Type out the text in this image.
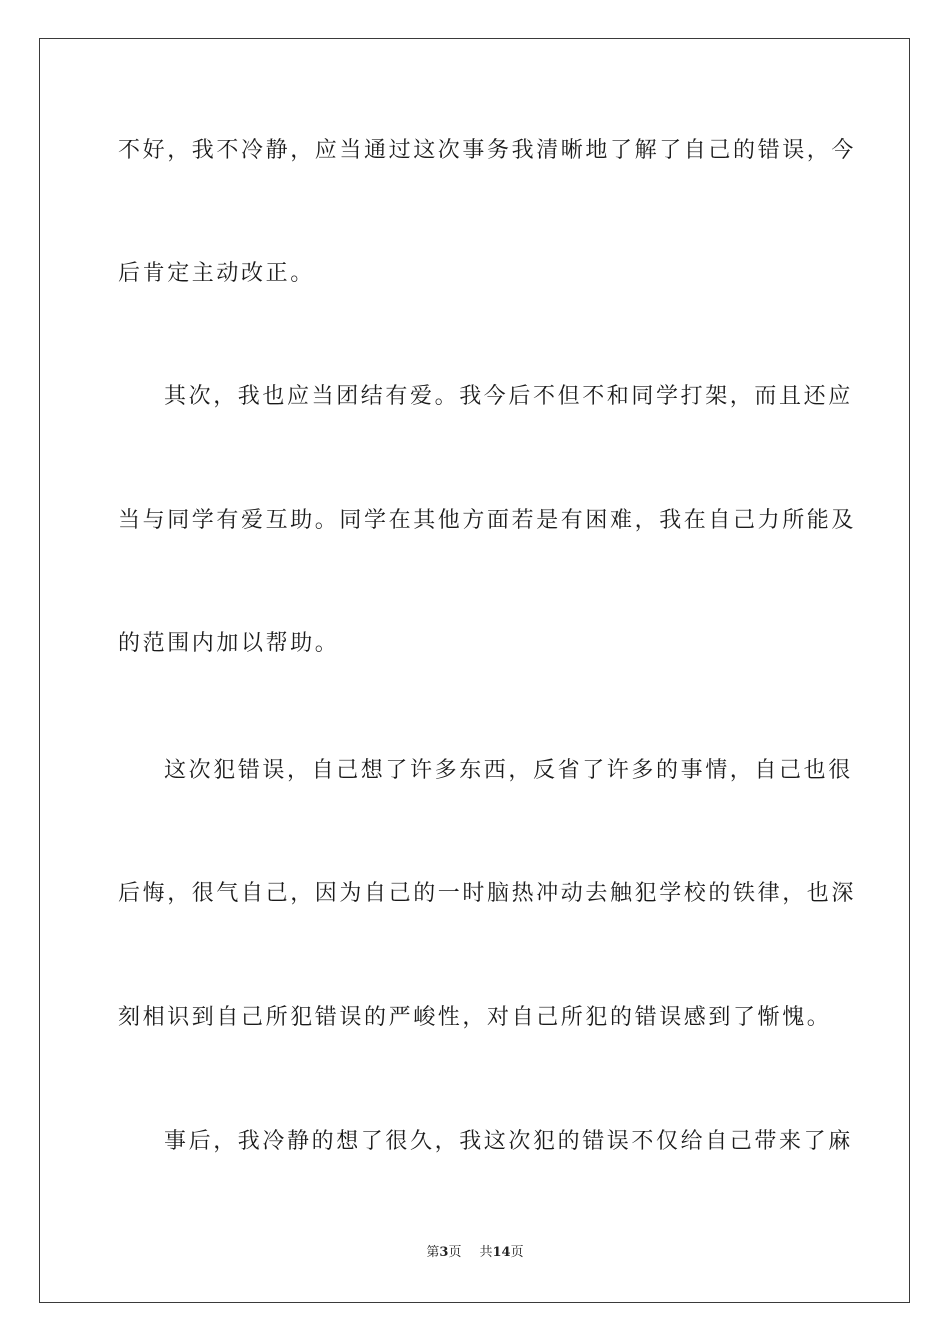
不好，我不冷静，应当通过这次事务我清晰地了解了自己的错误，今

后肯定主动改正。

其次，我也应当团结有爱。我今后不但不和同学打架，而且还应

当与同学有爱互助。同学在其他方面若是有困难，我在自己力所能及

的范围内加以帮助。

这次犯错误，自己想了许多东西，反省了许多的事情，自己也很

后悔，很气自己，因为自己的一时脑热冲动去触犯学校的铁律，也深

刻相识到自己所犯错误的严峻性，对自己所犯的错误感到了惭愧。

事后，我冷静的想了很久，我这次犯的错误不仅给自己带来了麻

第3页 共14页
